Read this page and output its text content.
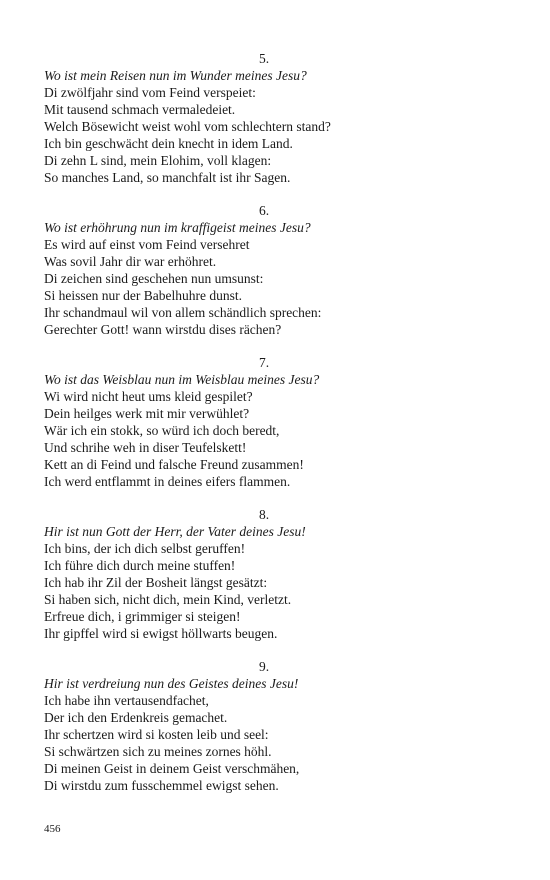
5.
Wo ist mein Reisen nun im Wunder meines Jesu?
Di zwölfjahr sind vom Feind verspeiet:
Mit tausend schmach vermaledeiet.
Welch Bösewicht weist wohl vom schlechtern stand?
Ich bin geschwächt dein knecht in idem Land.
Di zehn L sind, mein Elohim, voll klagen:
So manches Land, so manchfalt ist ihr Sagen.
6.
Wo ist erhöhrung nun im kraffigeist meines Jesu?
Es wird auf einst vom Feind versehret
Was sovil Jahr dir war erhöhret.
Di zeichen sind geschehen nun umsunst:
Si heissen nur der Babelhuhre dunst.
Ihr schandmaul wil von allem schändlich sprechen:
Gerechter Gott! wann wirstdu dises rächen?
7.
Wo ist das Weisblau nun im Weisblau meines Jesu?
Wi wird nicht heut ums kleid gespilet?
Dein heilges werk mit mir verwühlet?
Wär ich ein stokk, so würd ich doch beredt,
Und schrihe weh in diser Teufelskett!
Kett an di Feind und falsche Freund zusammen!
Ich werd entflammt in deines eifers flammen.
8.
Hir ist nun Gott der Herr, der Vater deines Jesu!
Ich bins, der ich dich selbst geruffen!
Ich führe dich durch meine stuffen!
Ich hab ihr Zil der Bosheit längst gesätzt:
Si haben sich, nicht dich, mein Kind, verletzt.
Erfreue dich, i grimmiger si steigen!
Ihr gipffel wird si ewigst höllwarts beugen.
9.
Hir ist verdreiung nun des Geistes deines Jesu!
Ich habe ihn vertausendfachet,
Der ich den Erdenkreis gemachet.
Ihr schertzen wird si kosten leib und seel:
Si schwärtzen sich zu meines zornes höhl.
Di meinen Geist in deinem Geist verschmähen,
Di wirstdu zum fusschemmel ewigst sehen.
456
